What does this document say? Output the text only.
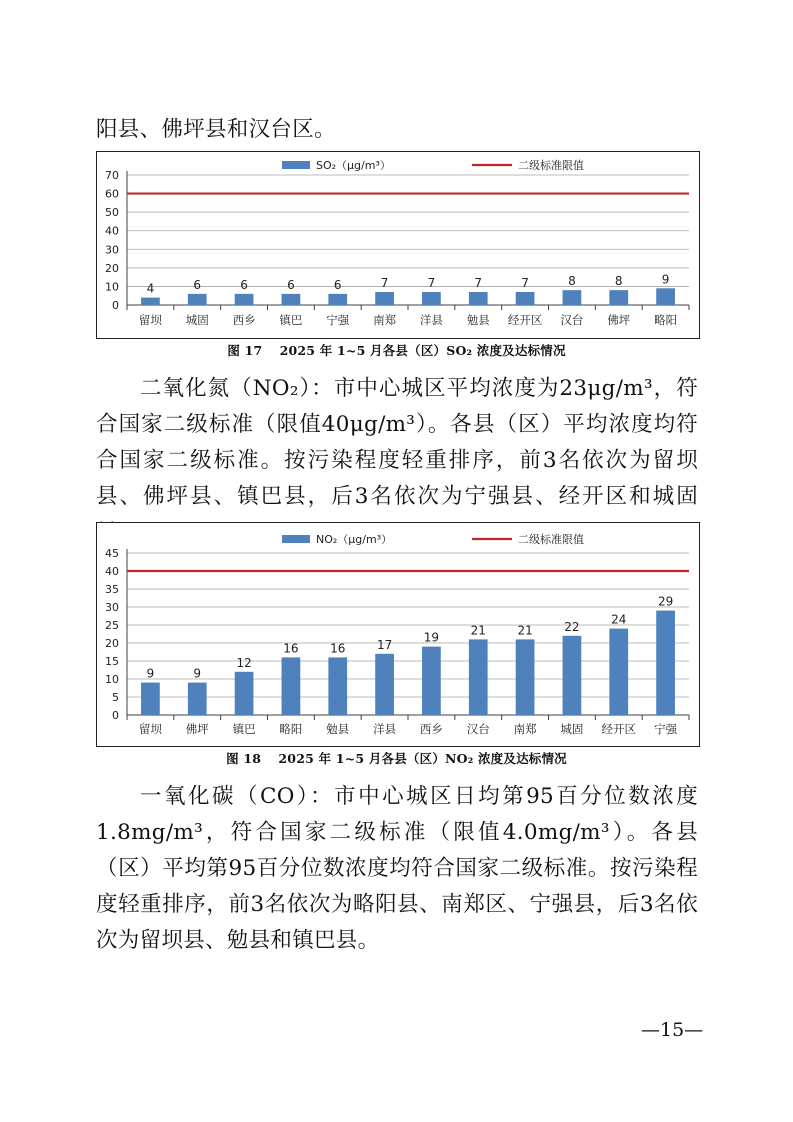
阳县、佛坪县和汉台区。

0
10
20
30
40
50
60
70
4
留坝
6
城固
6
西乡
6
镇巴
6
宁强
7
南郑
7
洋县
7
勉县
7
经开区
8
汉台
8
佛坪
9
略阳
SO₂（μg/m³）	二级标准限值
图 17　 2025 年 1~5 月各县（区）SO₂ 浓度及达标情况

二氧化氮（NO₂）：市中心城区平均浓度为23μg/m³，符合国家二级标准（限值40μg/m³）。各县（区）平均浓度均符合国家二级标准。按污染程度轻重排序，前3名依次为留坝县、佛坪县、镇巴县，后3名依次为宁强县、经开区和城固

0
5
10
15
20
25
30
35
40
45
9
留坝
9
佛坪
12
镇巴
16
略阳
16
勉县
17
洋县
19
西乡
21
汉台
21
南郑
22
城固
24
经开区
29
宁强
NO₂（μg/m³）	二级标准限值
图 18　 2025 年 1~5 月各县（区）NO₂ 浓度及达标情况

一氧化碳（CO）：市中心城区日均第95百分位数浓度1.8mg/m³，符合国家二级标准（限值4.0mg/m³）。各县（区）平均第95百分位数浓度均符合国家二级标准。按污染程度轻重排序，前3名依次为略阳县、南郑区、宁强县，后3名依次为留坝县、勉县和镇巴县。

—15—
